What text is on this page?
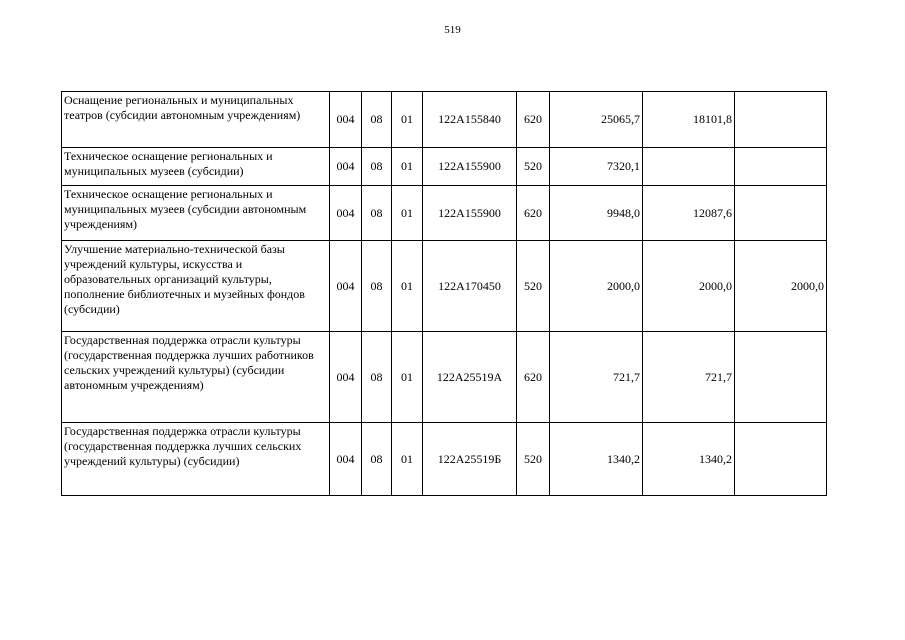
519
Оснащение региональных и муниципальных театров (субсидии автономным учреждениям)	004	08	01	122A155840	620	25065,7	18101,8	
Техническое оснащение региональных и муниципальных музеев (субсидии)	004	08	01	122A155900	520	7320,1		
Техническое оснащение региональных и муниципальных музеев (субсидии автономным учреждениям)	004	08	01	122A155900	620	9948,0	12087,6	
Улучшение материально-технической базы учреждений культуры, искусства и образовательных организаций культуры, пополнение библиотечных и музейных фондов (субсидии)	004	08	01	122A170450	520	2000,0	2000,0	2000,0
Государственная поддержка отрасли культуры (государственная поддержка лучших работников сельских учреждений культуры) (субсидии автономным учреждениям)	004	08	01	122A25519А	620	721,7	721,7	
Государственная поддержка отрасли культуры (государственная поддержка лучших сельских учреждений культуры) (субсидии)	004	08	01	122A25519Б	520	1340,2	1340,2	
